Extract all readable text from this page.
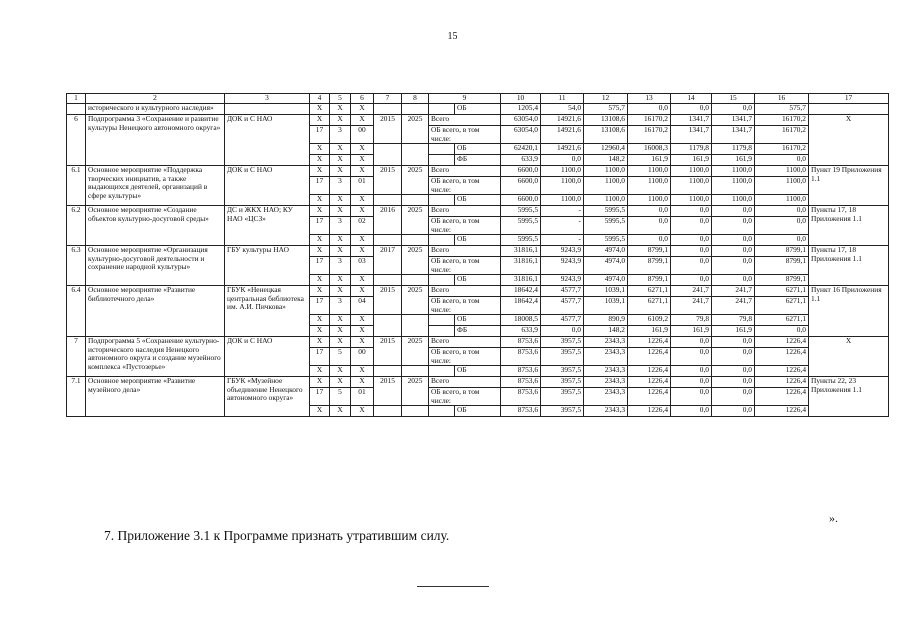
15
1	2	3	4	5	6	7	8	9		10	11	12	13	14	15	16	17
	исторического и культурного наследия»		X	X	X				ОБ	1205,4	54,0	575,7	0,0	0,0	0,0	575,7	
6	Подпрограмма 3 «Сохранение и развитие культуры Ненецкого автономного округа»	ДОК и С НАО	X	X	X	2015	2025	Всего		63054,0	14921,6	13108,6	16170,2	1341,7	1341,7	16170,2	X
			17	3	00			ОБ всего, в том числе:		63054,0	14921,6	13108,6	16170,2	1341,7	1341,7	16170,2	
			X	X	X				ОБ	62420,1	14921,6	12960,4	16008,3	1179,8	1179,8	16170,2	
			X	X	X				ФБ	633,9	0,0	148,2	161,9	161,9	161,9	0,0	
6.1	Основное мероприятие «Поддержка творческих инициатив, а также выдающихся деятелей, организаций в сфере культуры»	ДОК и С НАО	X	X	X	2015	2025	Всего		6600,0	1100,0	1100,0	1100,0	1100,0	1100,0	1100,0	Пункт 19 Приложения 1.1
			17	3	01			ОБ всего, в том числе:		6600,0	1100,0	1100,0	1100,0	1100,0	1100,0	1100,0	
			X	X	X				ОБ	6600,0	1100,0	1100,0	1100,0	1100,0	1100,0	1100,0	
6.2	Основное мероприятие «Создание объектов культурно-досуговой среды»	ДС и ЖКХ НАО; КУ НАО «ЦСЗ»	X	X	X	2016	2025	Всего		5995,5	-	5995,5	0,0	0,0	0,0	0,0	Пункты 17, 18 Приложения 1.1
			17	3	02			ОБ всего, в том числе:		5995,5	-	5995,5	0,0	0,0	0,0	0,0	
			X	X	X				ОБ	5995,5	-	5995,5	0,0	0,0	0,0	0,0	
6.3	Основное мероприятие «Организация культурно-досуговой деятельности и сохранение народной культуры»	ГБУ культуры НАО	X	X	X	2017	2025	Всего		31816,1	9243,9	4974,0	8799,1	0,0	0,0	8799,1	Пункты 17, 18 Приложения 1.1
			17	3	03			ОБ всего, в том числе:		31816,1	9243,9	4974,0	8799,1	0,0	0,0	8799,1	
			X	X	X				ОБ	31816,1	9243,9	4974,0	8799,1	0,0	0,0	8799,1	
6.4	Основное мероприятие «Развитие библиотечного дела»	ГБУК «Ненецкая центральная библиотека им. А.И. Пичкова»	X	X	X	2015	2025	Всего		18642,4	4577,7	1039,1	6271,1	241,7	241,7	6271,1	Пункт 16 Приложения 1.1
			17	3	04			ОБ всего, в том числе:		18642,4	4577,7	1039,1	6271,1	241,7	241,7	6271,1	
			X	X	X				ОБ	18008,5	4577,7	890,9	6109,2	79,8	79,8	6271,1	
			X	X	X				ФБ	633,9	0,0	148,2	161,9	161,9	161,9	0,0	
7	Подпрограмма 5 «Сохранение культурно-исторического наследия Ненецкого автономного округа и создание музейного комплекса «Пустозерье»	ДОК и С НАО	X	X	X	2015	2025	Всего		8753,6	3957,5	2343,3	1226,4	0,0	0,0	1226,4	X
			17	5	00			ОБ всего, в том числе:		8753,6	3957,5	2343,3	1226,4	0,0	0,0	1226,4	
			X	X	X				ОБ	8753,6	3957,5	2343,3	1226,4	0,0	0,0	1226,4	
7.1	Основное мероприятие «Развитие музейного дела»	ГБУК «Музейное объединение Ненецкого автономного округа»	X	X	X	2015	2025	Всего		8753,6	3957,5	2343,3	1226,4	0,0	0,0	1226,4	Пункты 22, 23 Приложения 1.1
			17	5	01			ОБ всего, в том числе:		8753,6	3957,5	2343,3	1226,4	0,0	0,0	1226,4	
			X	X	X				ОБ	8753,6	3957,5	2343,3	1226,4	0,0	0,0	1226,4	
».
7. Приложение 3.1 к Программе признать утратившим силу.
